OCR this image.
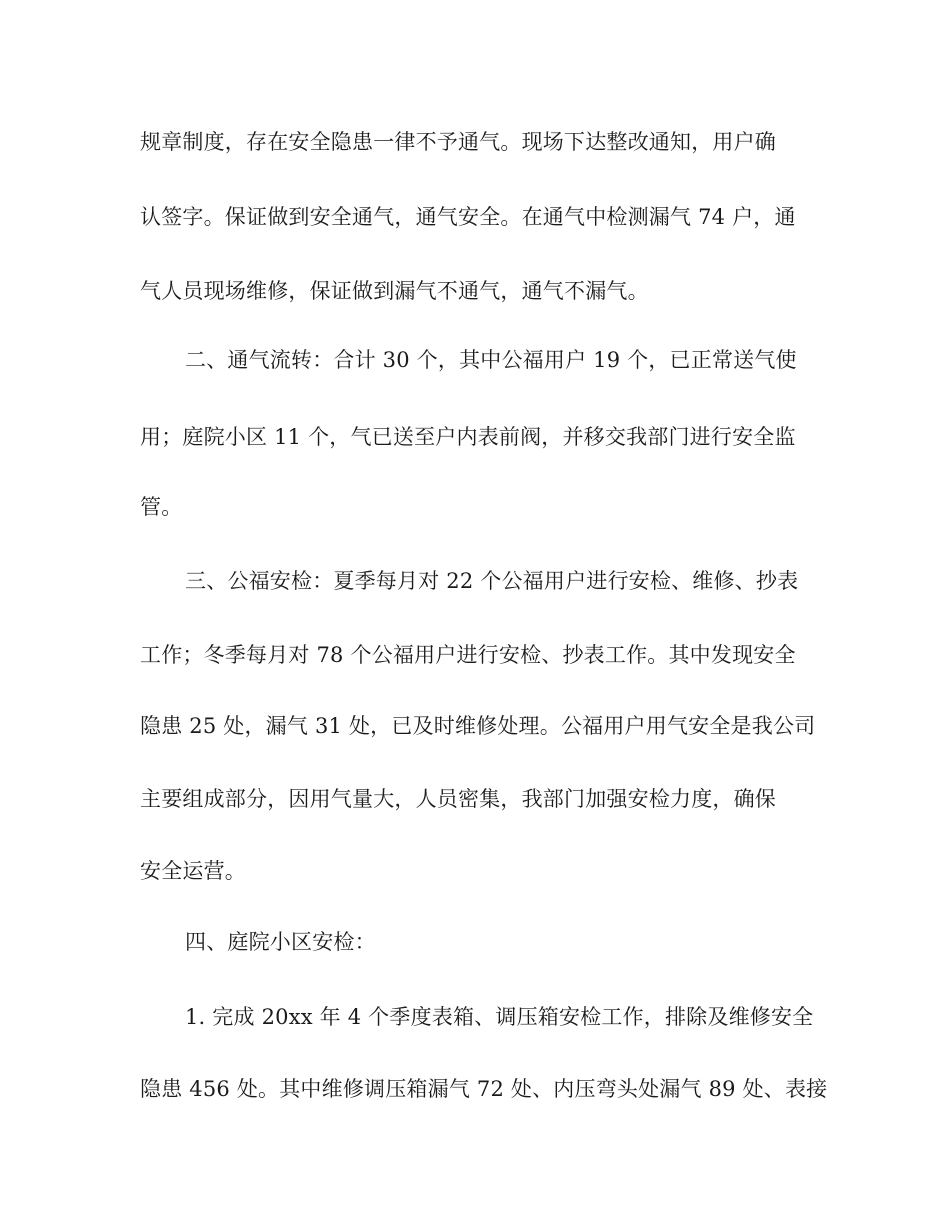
规章制度，存在安全隐患一律不予通气。现场下达整改通知，用户确
认签字。保证做到安全通气，通气安全。在通气中检测漏气 74 户，通
气人员现场维修，保证做到漏气不通气，通气不漏气。
二、通气流转：合计 30 个，其中公福用户 19 个，已正常送气使
用；庭院小区 11 个，气已送至户内表前阀，并移交我部门进行安全监
管。
三、公福安检：夏季每月对 22 个公福用户进行安检、维修、抄表
工作；冬季每月对 78 个公福用户进行安检、抄表工作。其中发现安全
隐患 25 处，漏气 31 处，已及时维修处理。公福用户用气安全是我公司
主要组成部分，因用气量大，人员密集，我部门加强安检力度，确保
安全运营。
四、庭院小区安检：
1. 完成 20xx 年 4 个季度表箱、调压箱安检工作，排除及维修安全
隐患 456 处。其中维修调压箱漏气 72 处、内压弯头处漏气 89 处、表接
